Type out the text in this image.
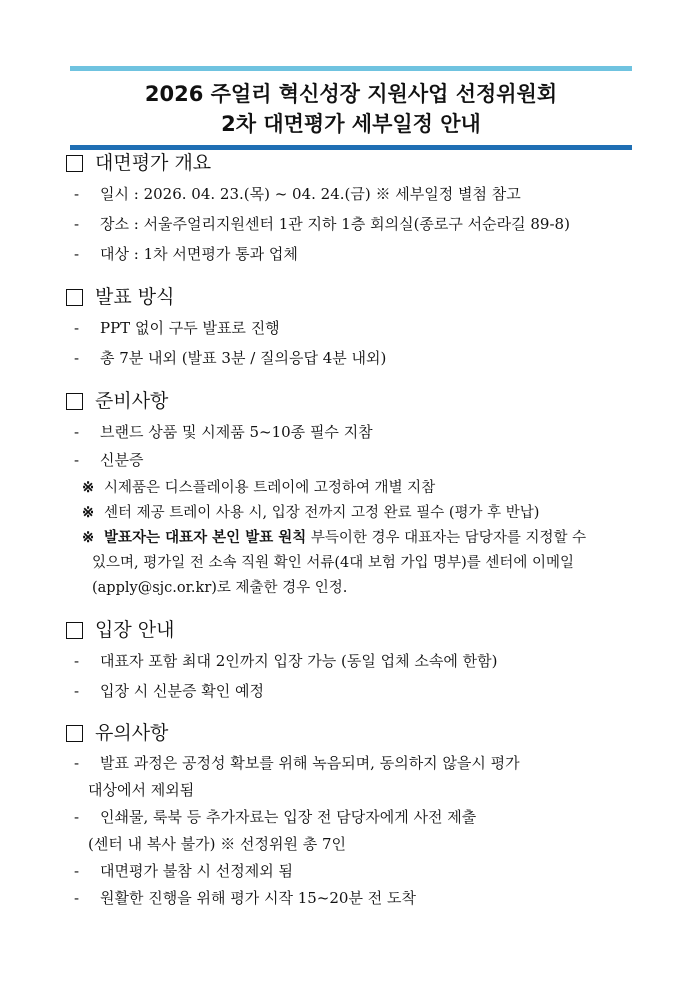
2026 주얼리 혁신성장 지원사업 선정위원회
2차 대면평가 세부일정 안내
대면평가 개요
- 일시 : 2026. 04. 23.(목) ~ 04. 24.(금) ※ 세부일정 별첨 참고
- 장소 : 서울주얼리지원센터 1관 지하 1층 회의실(종로구 서순라길 89-8)
- 대상 : 1차 서면평가 통과 업체
발표 방식
- PPT 없이 구두 발표로 진행
- 총 7분 내외 (발표 3분 / 질의응답 4분 내외)
준비사항
- 브랜드 상품 및 시제품 5~10종 필수 지참
- 신분증
※ 시제품은 디스플레이용 트레이에 고정하여 개별 지참
※ 센터 제공 트레이 사용 시, 입장 전까지 고정 완료 필수 (평가 후 반납)
※ 발표자는 대표자 본인 발표 원칙 부득이한 경우 대표자는 담당자를 지정할 수
있으며, 평가일 전 소속 직원 확인 서류(4대 보험 가입 명부)를 센터에 이메일
(apply@sjc.or.kr)로 제출한 경우 인정.
입장 안내
- 대표자 포함 최대 2인까지 입장 가능 (동일 업체 소속에 한함)
- 입장 시 신분증 확인 예정
유의사항
- 발표 과정은 공정성 확보를 위해 녹음되며, 동의하지 않을시 평가
대상에서 제외됨
- 인쇄물, 룩북 등 추가자료는 입장 전 담당자에게 사전 제출
(센터 내 복사 불가) ※ 선정위원 총 7인
- 대면평가 불참 시 선정제외 됨
- 원활한 진행을 위해 평가 시작 15~20분 전 도착
